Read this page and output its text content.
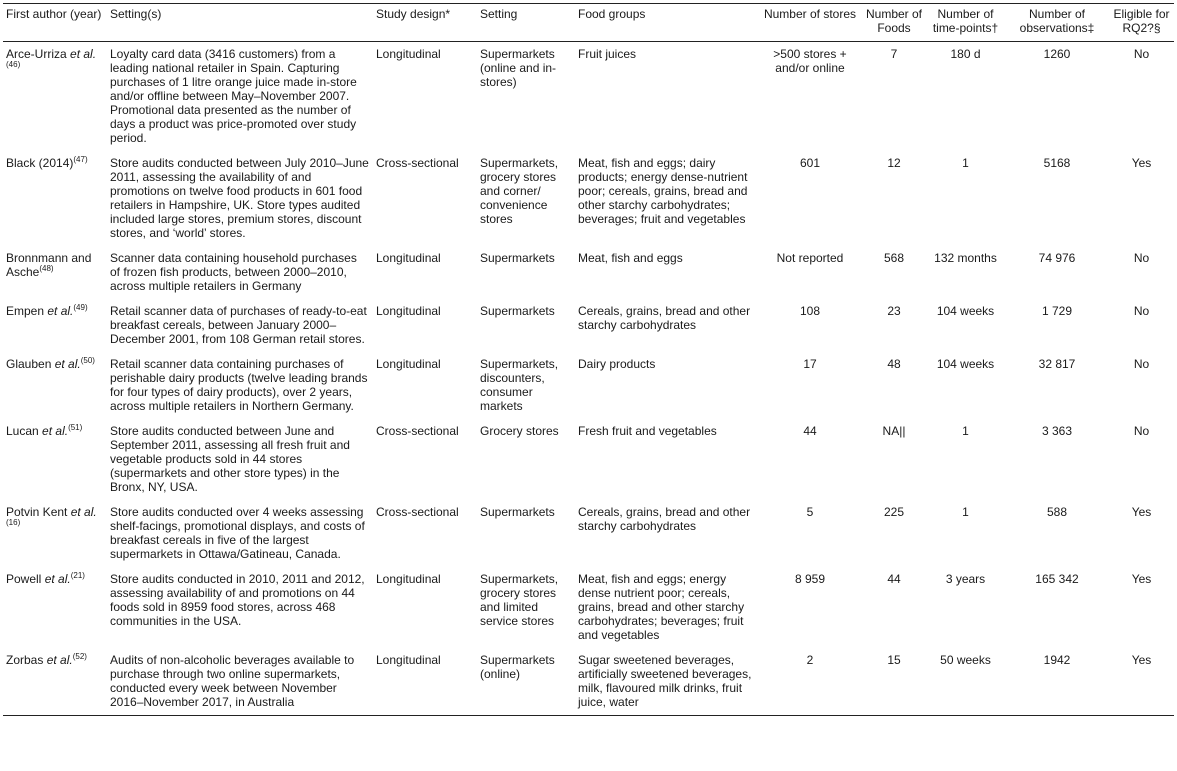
First author (year)	Setting(s)	Study design*	Setting	Food groups	Number of stores	Number of Foods	Number of time-points†	Number of observations‡	Eligible for RQ2?§
Arce-Urriza et al.$^{(46)}$	Loyalty card data (3416 customers) from a leading national retailer in Spain. Capturing purchases of 1 litre orange juice made in-store and/or offline between May–November 2007. Promotional data presented as the number of days a product was price-promoted over study period.	Longitudinal	Supermarkets (online and in-stores)	Fruit juices	>500 stores + and/or online	7	180 d	1260	No
Black $(2014)^{(47)}$	Store audits conducted between July 2010–June 2011, assessing the availability of and promotions on twelve food products in 601 food retailers in Hampshire, UK. Store types audited included large stores, premium stores, discount stores, and ‘world’ stores.	Cross-sectional	Supermarkets, grocery stores and corner/ convenience stores	Meat, fish and eggs; dairy products; energy dense-nutrient poor; cereals, grains, bread and other starchy carbohydrates; beverages; fruit and vegetables	601	12	1	5168	Yes
Bronnmann and Asche$^{(48)}$	Scanner data containing household purchases of frozen fish products, between 2000–2010, across multiple retailers in Germany	Longitudinal	Supermarkets	Meat, fish and eggs	Not reported	568	132 months	74 976	No
Empen et al.$^{(49)}$	Retail scanner data of purchases of ready-to-eat breakfast cereals, between January 2000–December 2001, from 108 German retail stores.	Longitudinal	Supermarkets	Cereals, grains, bread and other starchy carbohydrates	108	23	104 weeks	1 729	No
Glauben et al.$^{(50)}$	Retail scanner data containing purchases of perishable dairy products (twelve leading brands for four types of dairy products), over 2 years, across multiple retailers in Northern Germany.	Longitudinal	Supermarkets, discounters, consumer markets	Dairy products	17	48	104 weeks	32 817	No
Lucan et al.$^{(51)}$	Store audits conducted between June and September 2011, assessing all fresh fruit and vegetable products sold in 44 stores (supermarkets and other store types) in the Bronx, NY, USA.	Cross-sectional	Grocery stores	Fresh fruit and vegetables	44	NA||	1	3 363	No
Potvin Kent et al.$^{(16)}$	Store audits conducted over 4 weeks assessing shelf-facings, promotional displays, and costs of breakfast cereals in five of the largest supermarkets in Ottawa/Gatineau, Canada.	Cross-sectional	Supermarkets	Cereals, grains, bread and other starchy carbohydrates	5	225	1	588	Yes
Powell et al.$^{(21)}$	Store audits conducted in 2010, 2011 and 2012, assessing availability of and promotions on 44 foods sold in 8959 food stores, across 468 communities in the USA.	Longitudinal	Supermarkets, grocery stores and limited service stores	Meat, fish and eggs; energy dense nutrient poor; cereals, grains, bread and other starchy carbohydrates; beverages; fruit and vegetables	8 959	44	3 years	165 342	Yes
Zorbas et al.$^{(52)}$	Audits of non-alcoholic beverages available to purchase through two online supermarkets, conducted every week between November 2016–November 2017, in Australia	Longitudinal	Supermarkets (online)	Sugar sweetened beverages, artificially sweetened beverages, milk, flavoured milk drinks, fruit juice, water	2	15	50 weeks	1942	Yes
